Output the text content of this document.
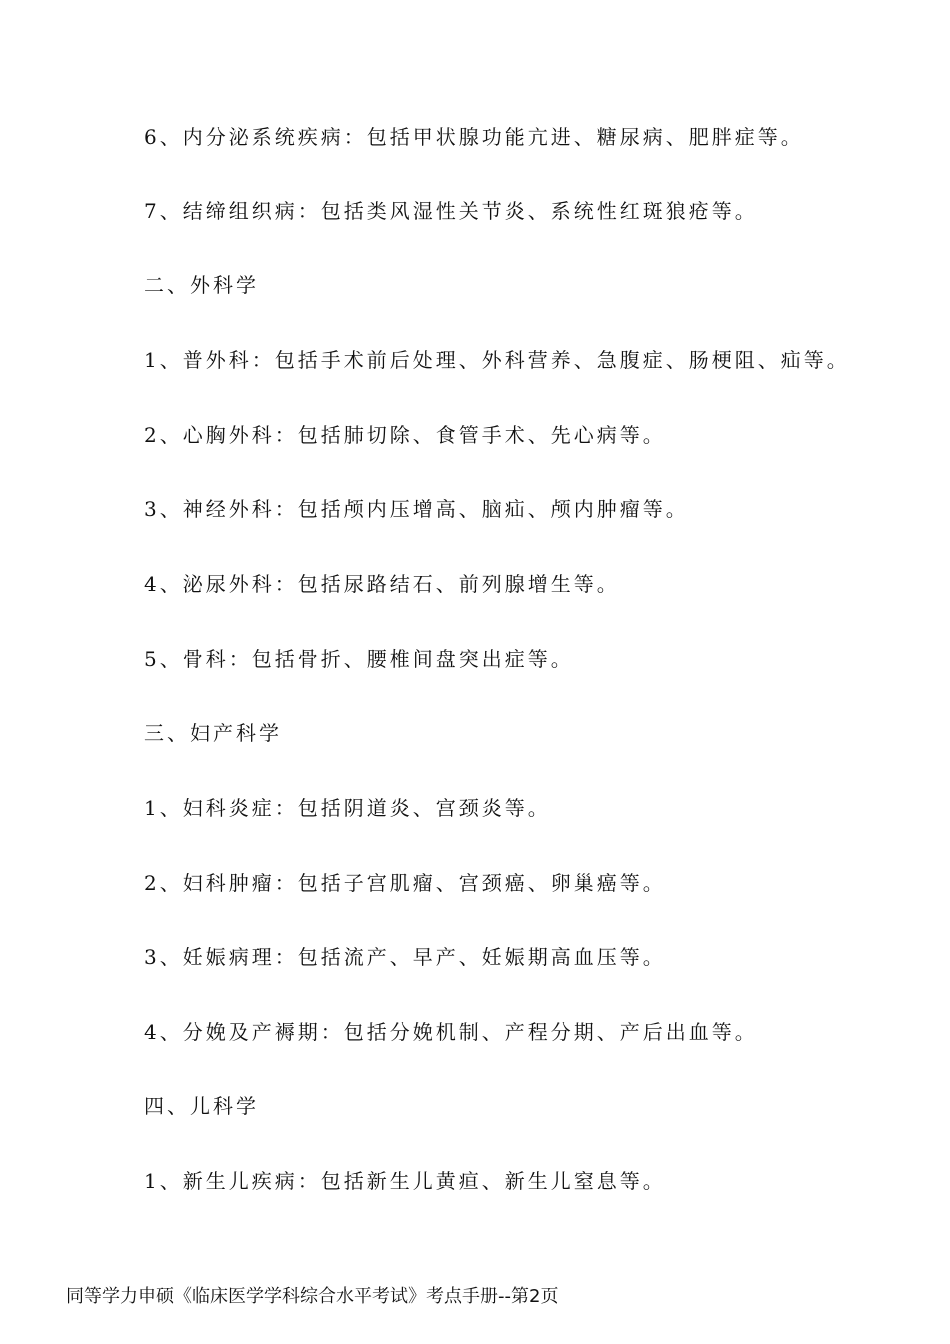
6、内分泌系统疾病：包括甲状腺功能亢进、糖尿病、肥胖症等。
7、结缔组织病：包括类风湿性关节炎、系统性红斑狼疮等。
二、外科学
1、普外科：包括手术前后处理、外科营养、急腹症、肠梗阻、疝等。
2、心胸外科：包括肺切除、食管手术、先心病等。
3、神经外科：包括颅内压增高、脑疝、颅内肿瘤等。
4、泌尿外科：包括尿路结石、前列腺增生等。
5、骨科：包括骨折、腰椎间盘突出症等。
三、妇产科学
1、妇科炎症：包括阴道炎、宫颈炎等。
2、妇科肿瘤：包括子宫肌瘤、宫颈癌、卵巢癌等。
3、妊娠病理：包括流产、早产、妊娠期高血压等。
4、分娩及产褥期：包括分娩机制、产程分期、产后出血等。
四、儿科学
1、新生儿疾病：包括新生儿黄疸、新生儿窒息等。
同等学力申硕《临床医学学科综合水平考试》考点手册--第2页
